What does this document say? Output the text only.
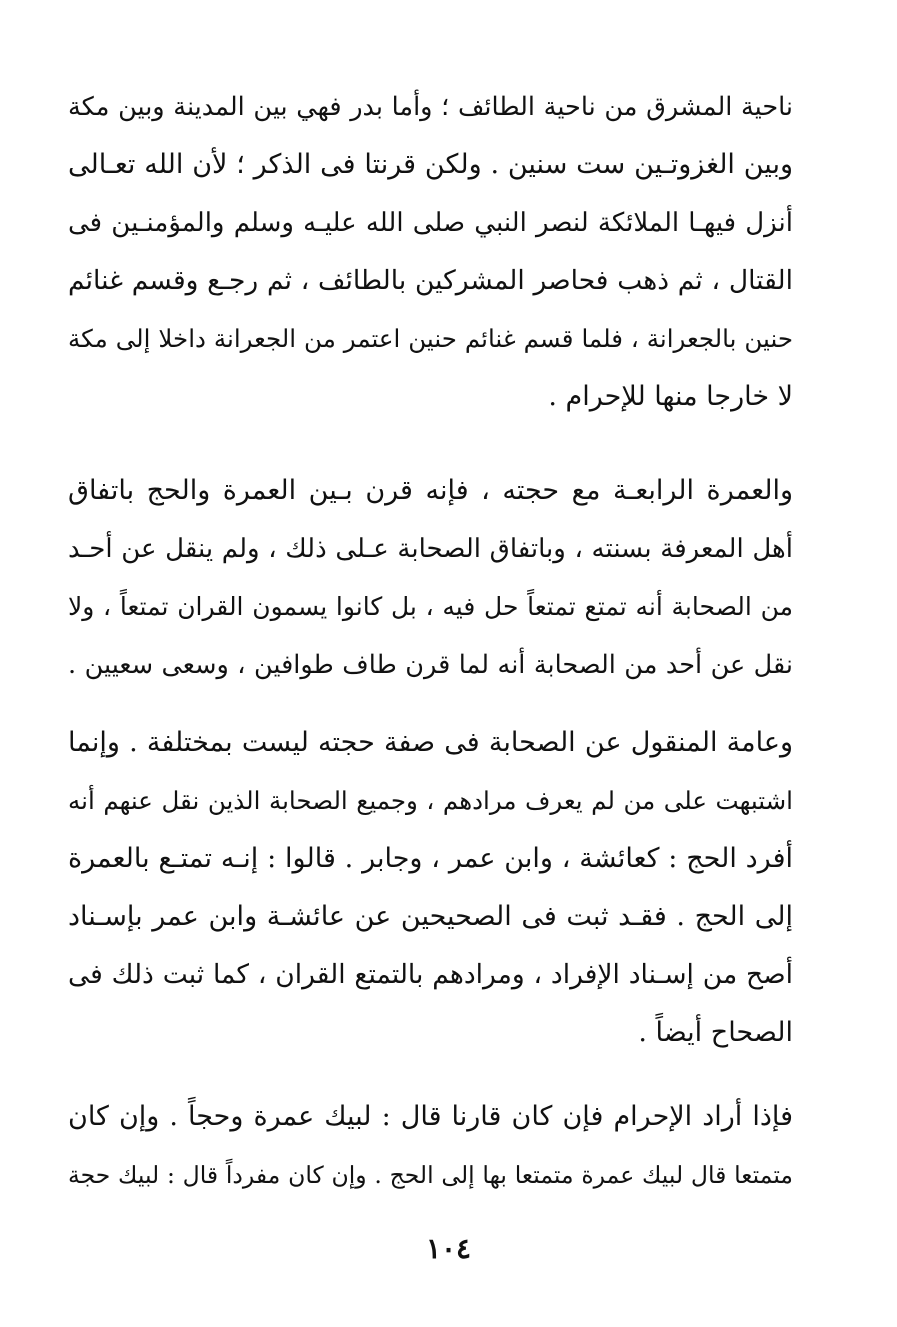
ناحية المشرق من ناحية الطائف ؛ وأما بدر فهي بين المدينة وبين مكة
وبين الغزوتـين ست سنين . ولكن قرنتا فى الذكر ؛ لأن الله تعـالى
أنزل فيهـا الملائكة لنصر النبي صلى الله عليـه وسلم والمؤمنـين فى
القتال ، ثم ذهب فحاصر المشركين بالطائف ، ثم رجـع وقسم غنائم
حنين بالجعرانة ، فلما قسم غنائم حنين اعتمر من الجعرانة داخلا إلى مكة
لا خارجا منها للإحرام .
والعمرة الرابعـة مع حجته ، فإنه قرن بـين العمرة والحج باتفاق
أهل المعرفة بسنته ، وباتفاق الصحابة عـلى ذلك ، ولم ينقل عن أحـد
من الصحابة أنه تمتع تمتعاً حل فيه ، بل كانوا يسمون القران تمتعاً ، ولا
نقل عن أحد من الصحابة أنه لما قرن طاف طوافين ، وسعى سعيين .
وعامة المنقول عن الصحابة فى صفة حجته ليست بمختلفة . وإنما
اشتبهت على من لم يعرف مرادهم ، وجميع الصحابة الذين نقل عنهم أنه
أفرد الحج : كعائشة ، وابن عمر ، وجابر . قالوا : إنـه تمتـع بالعمرة
إلى الحج . فقـد ثبت فى الصحيحين عن عائشـة وابن عمر بإسـناد
أصح من إسـناد الإفراد ، ومرادهم بالتمتع القران ، كما ثبت ذلك فى
الصحاح أيضاً .
فإذا أراد الإحرام فإن كان قارنا قال : لبيك عمرة وحجاً . وإن كان
متمتعا قال لبيك عمرة متمتعا بها إلى الحج . وإن كان مفرداً قال : لبيك حجة
١٠٤
